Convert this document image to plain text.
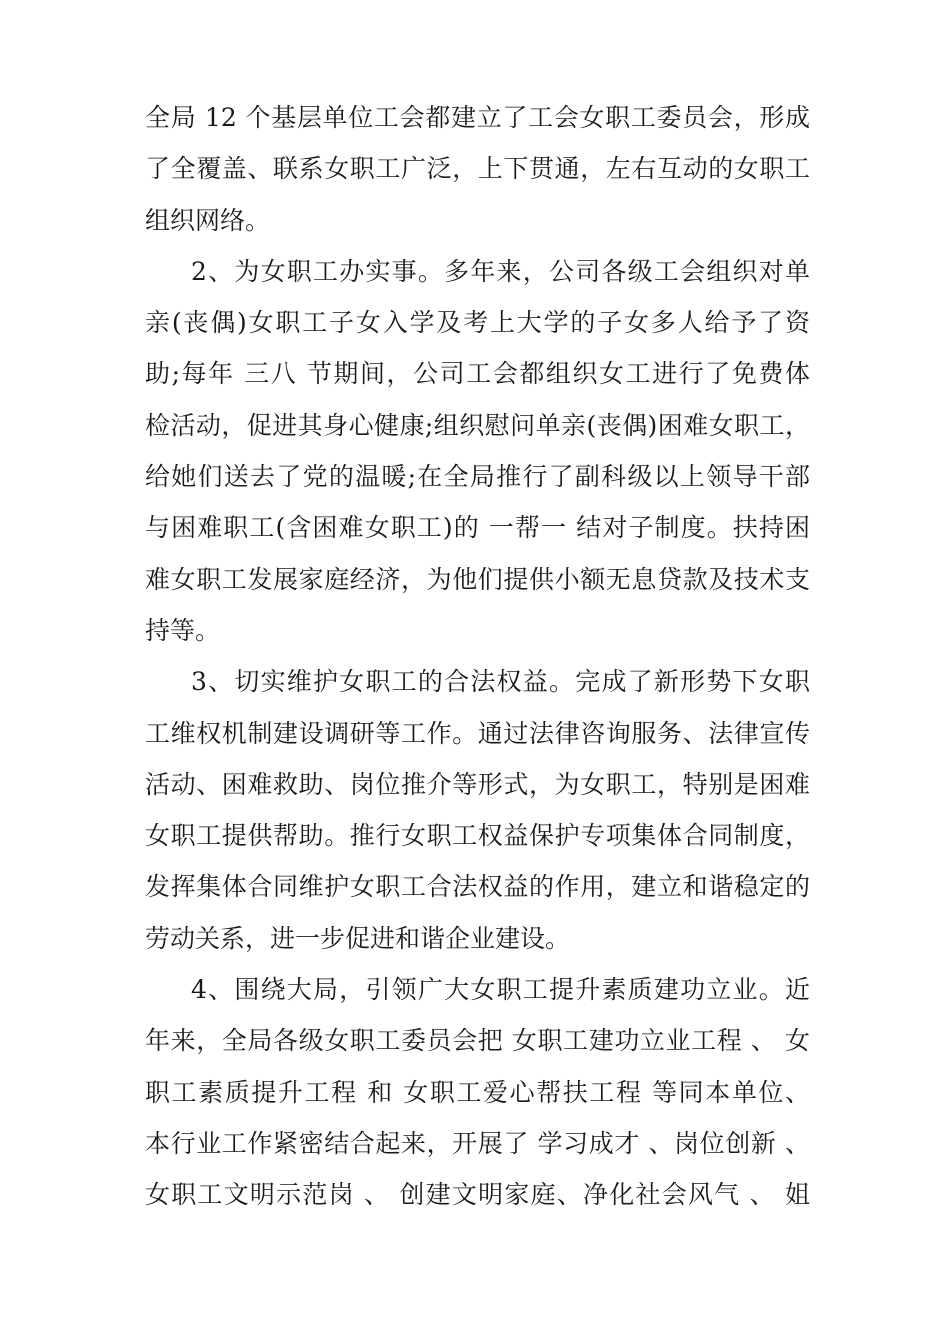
全局 12 个基层单位工会都建立了工会女职工委员会，形成
了全覆盖、联系女职工广泛，上下贯通，左右互动的女职工
组织网络。
2、为女职工办实事。多年来，公司各级工会组织对单
亲(丧偶)女职工子女入学及考上大学的子女多人给予了资
助;每年 三八 节期间，公司工会都组织女工进行了免费体
检活动，促进其身心健康;组织慰问单亲(丧偶)困难女职工，
给她们送去了党的温暖;在全局推行了副科级以上领导干部
与困难职工(含困难女职工)的 一帮一 结对子制度。扶持困
难女职工发展家庭经济，为他们提供小额无息贷款及技术支
持等。
3、切实维护女职工的合法权益。完成了新形势下女职
工维权机制建设调研等工作。通过法律咨询服务、法律宣传
活动、困难救助、岗位推介等形式，为女职工，特别是困难
女职工提供帮助。推行女职工权益保护专项集体合同制度，
发挥集体合同维护女职工合法权益的作用，建立和谐稳定的
劳动关系，进一步促进和谐企业建设。
4、围绕大局，引领广大女职工提升素质建功立业。近
年来，全局各级女职工委员会把 女职工建功立业工程 、 女
职工素质提升工程 和 女职工爱心帮扶工程 等同本单位、
本行业工作紧密结合起来，开展了 学习成才 、岗位创新 、
女职工文明示范岗 、 创建文明家庭、净化社会风气 、 姐
